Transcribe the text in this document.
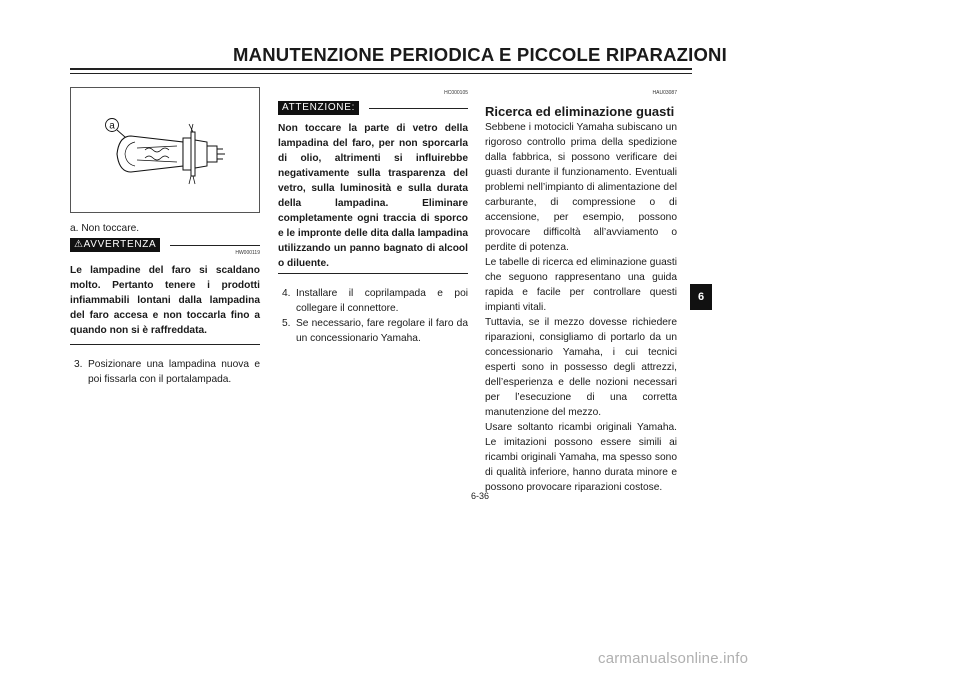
MANUTENZIONE PERIODICA E PICCOLE RIPARAZIONI
a
a. Non toccare.
⚠AVVERTENZA
HW000119
Le lampadine del faro si scaldano molto. Pertanto tenere i prodotti infiammabili lontani dalla lampadina del faro accesa e non toccarla fino a quando non si è raffreddata.
3. Posizionare una lampadina nuova e poi fissarla con il portalampada.
HC000105
ATTENZIONE:
Non toccare la parte di vetro della lampadina del faro, per non sporcarla di olio, altrimenti si influirebbe negativamente sulla trasparenza del vetro, sulla luminosità e sulla durata della lampadina. Eliminare completamente ogni traccia di sporco e le impronte delle dita dalla lampadina utilizzando un panno bagnato di alcool o diluente.
4. Installare il coprilampada e poi collegare il connettore.
5. Se necessario, fare regolare il faro da un concessionario Yamaha.
HAU03087
Ricerca ed eliminazione guasti
Sebbene i motocicli Yamaha subiscano un rigoroso controllo prima della spedizione dalla fabbrica, si possono verificare dei guasti durante il funzionamento. Eventuali problemi nell’impianto di alimentazione del carburante, di compressione o di accensione, per esempio, possono provocare difficoltà all’avviamento o perdite di potenza.
Le tabelle di ricerca ed eliminazione guasti che seguono rappresentano una guida rapida e facile per controllare questi impianti vitali.
Tuttavia, se il mezzo dovesse richiedere riparazioni, consigliamo di portarlo da un concessionario Yamaha, i cui tecnici esperti sono in possesso degli attrezzi, dell’esperienza e delle nozioni necessari per l’esecuzione di una corretta manutenzione del mezzo.
Usare soltanto ricambi originali Yamaha. Le imitazioni possono essere simili ai ricambi originali Yamaha, ma spesso sono di qualità inferiore, hanno durata minore e possono provocare riparazioni costose.
6
6-36
carmanualsonline.info
